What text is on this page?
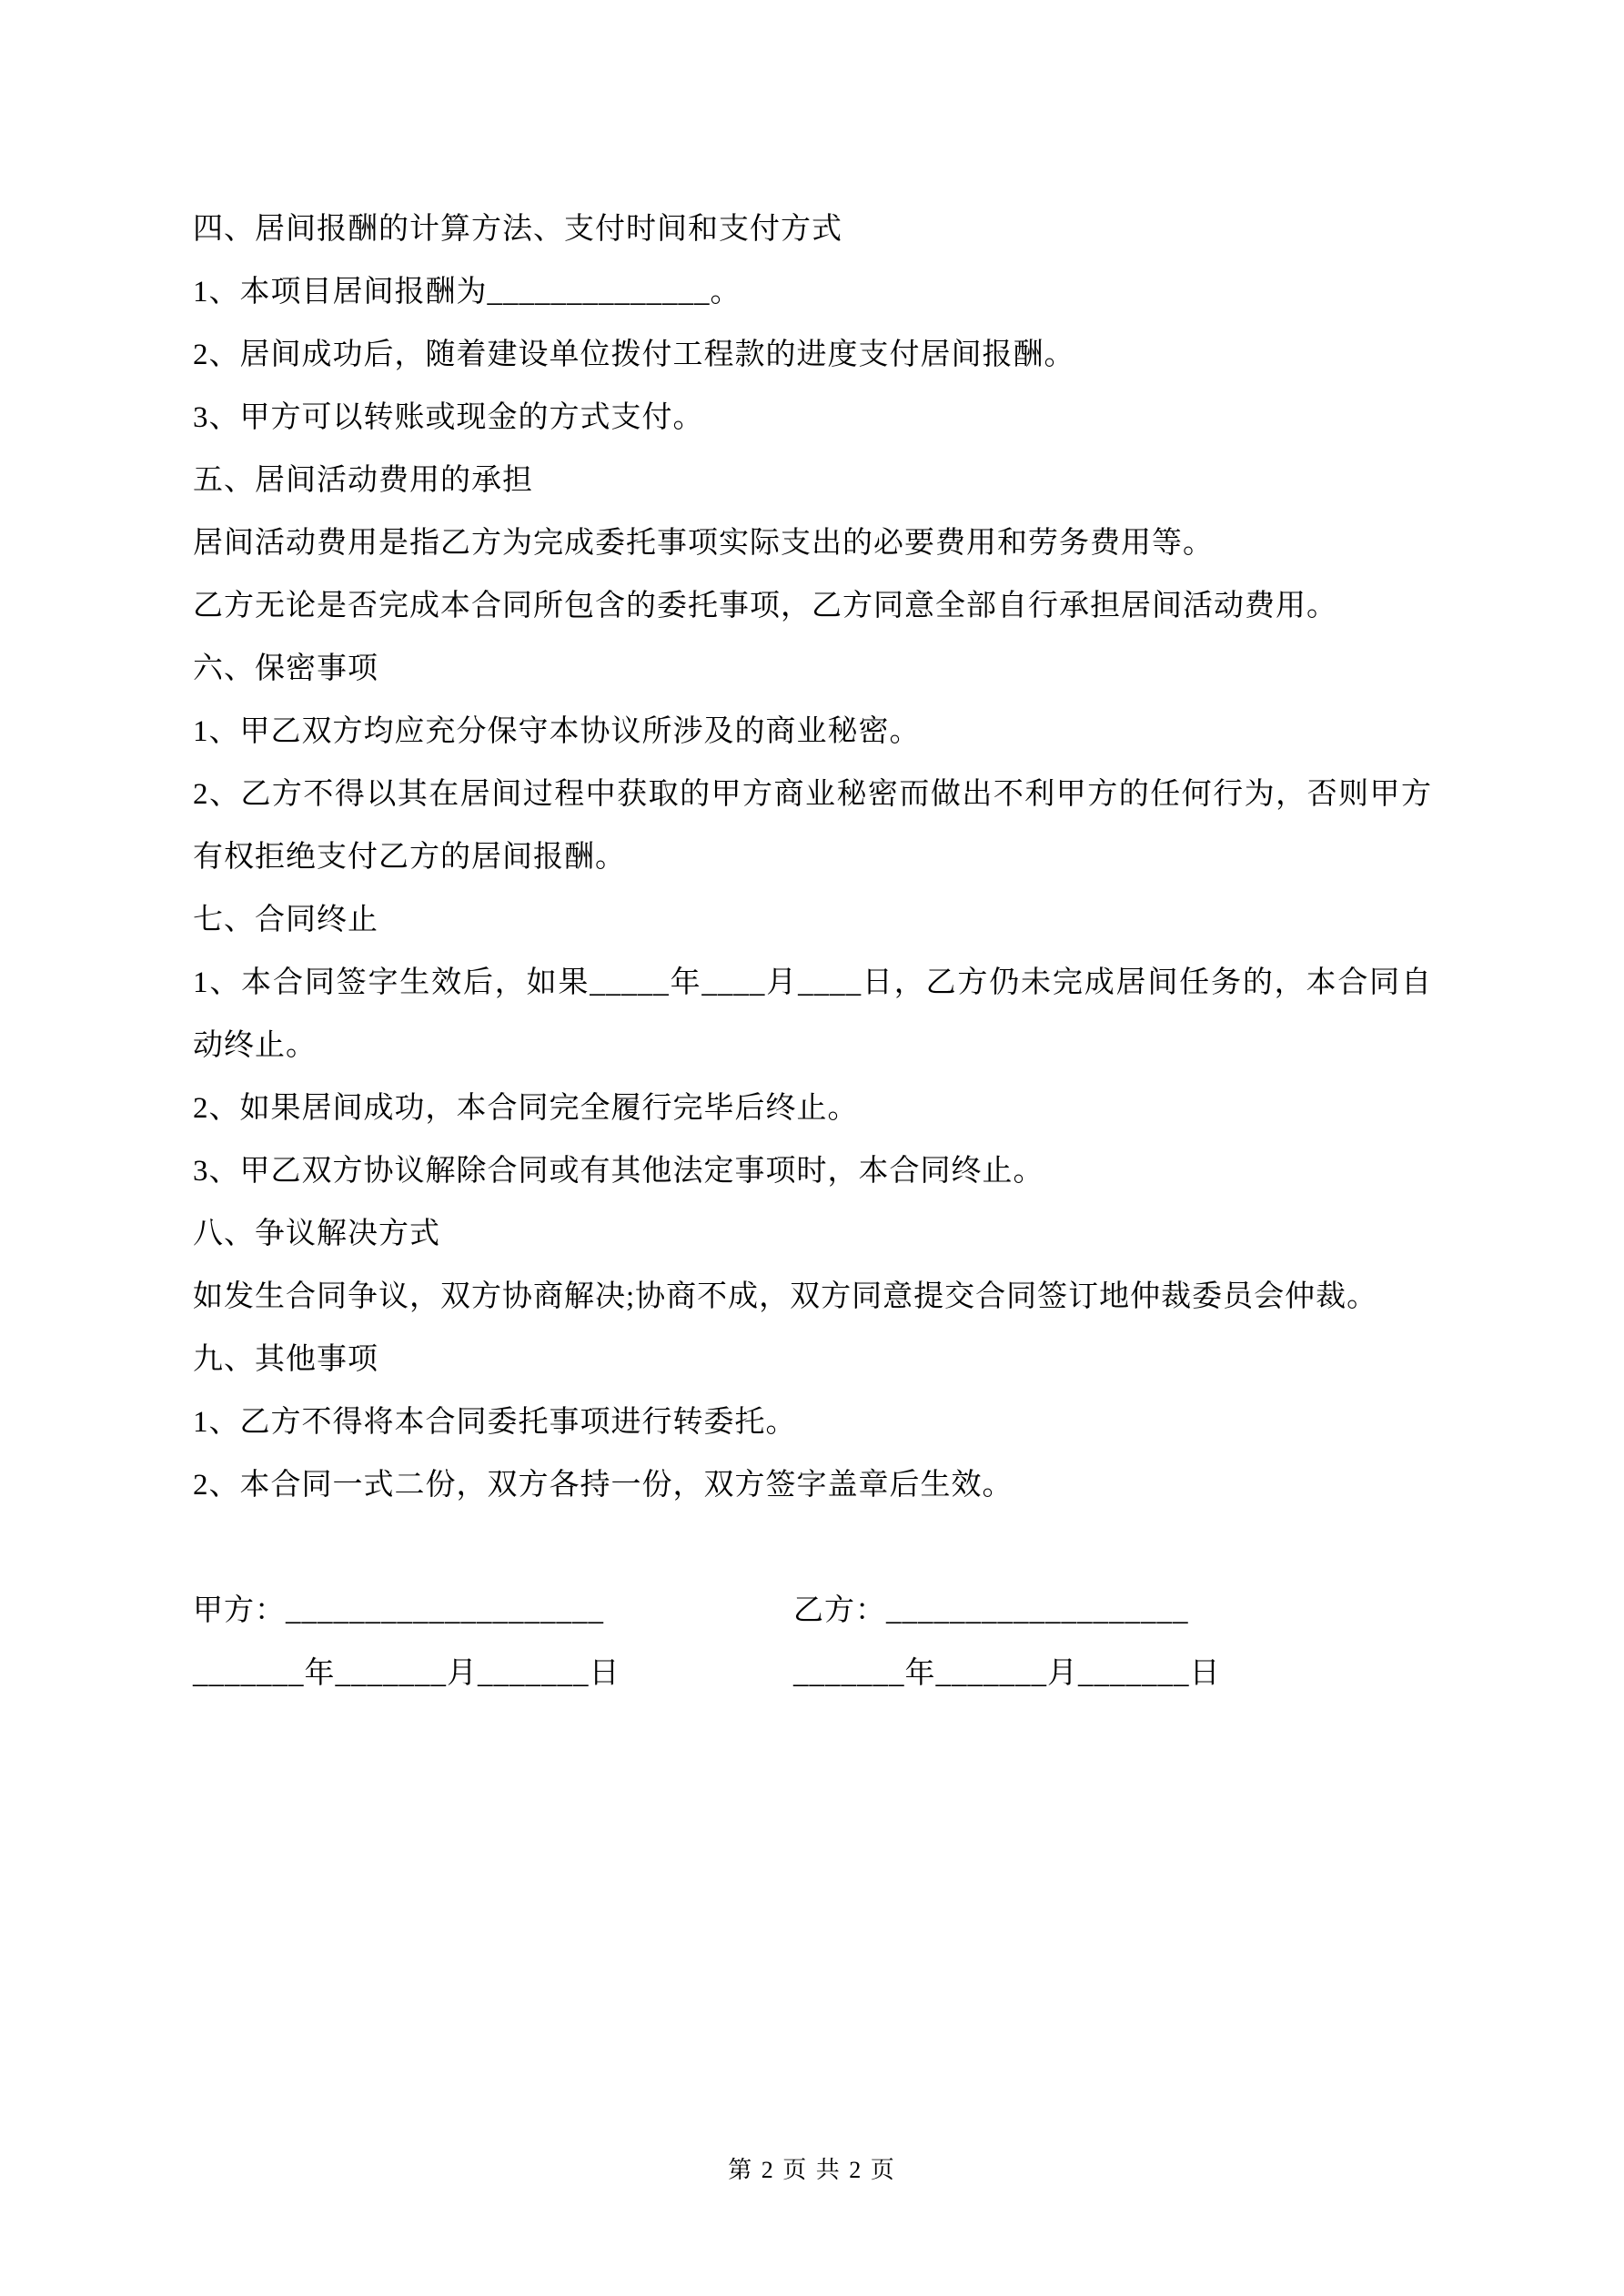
四、居间报酬的计算方法、支付时间和支付方式

1、本项目居间报酬为______________。

2、居间成功后，随着建设单位拨付工程款的进度支付居间报酬。

3、甲方可以转账或现金的方式支付。

五、居间活动费用的承担

居间活动费用是指乙方为完成委托事项实际支出的必要费用和劳务费用等。

乙方无论是否完成本合同所包含的委托事项，乙方同意全部自行承担居间活动费用。

六、保密事项

1、甲乙双方均应充分保守本协议所涉及的商业秘密。

2、乙方不得以其在居间过程中获取的甲方商业秘密而做出不利甲方的任何行为，否则甲方有权拒绝支付乙方的居间报酬。

七、合同终止

1、本合同签字生效后，如果_____年____月____日，乙方仍未完成居间任务的，本合同自动终止。

2、如果居间成功，本合同完全履行完毕后终止。

3、甲乙双方协议解除合同或有其他法定事项时，本合同终止。

八、争议解决方式

如发生合同争议，双方协商解决;协商不成，双方同意提交合同签订地仲裁委员会仲裁。

九、其他事项

1、乙方不得将本合同委托事项进行转委托。

2、本合同一式二份，双方各持一份，双方签字盖章后生效。

甲方：____________________	乙方：___________________
_______年_______月_______日	_______年_______月_______日
第 2 页 共 2 页
